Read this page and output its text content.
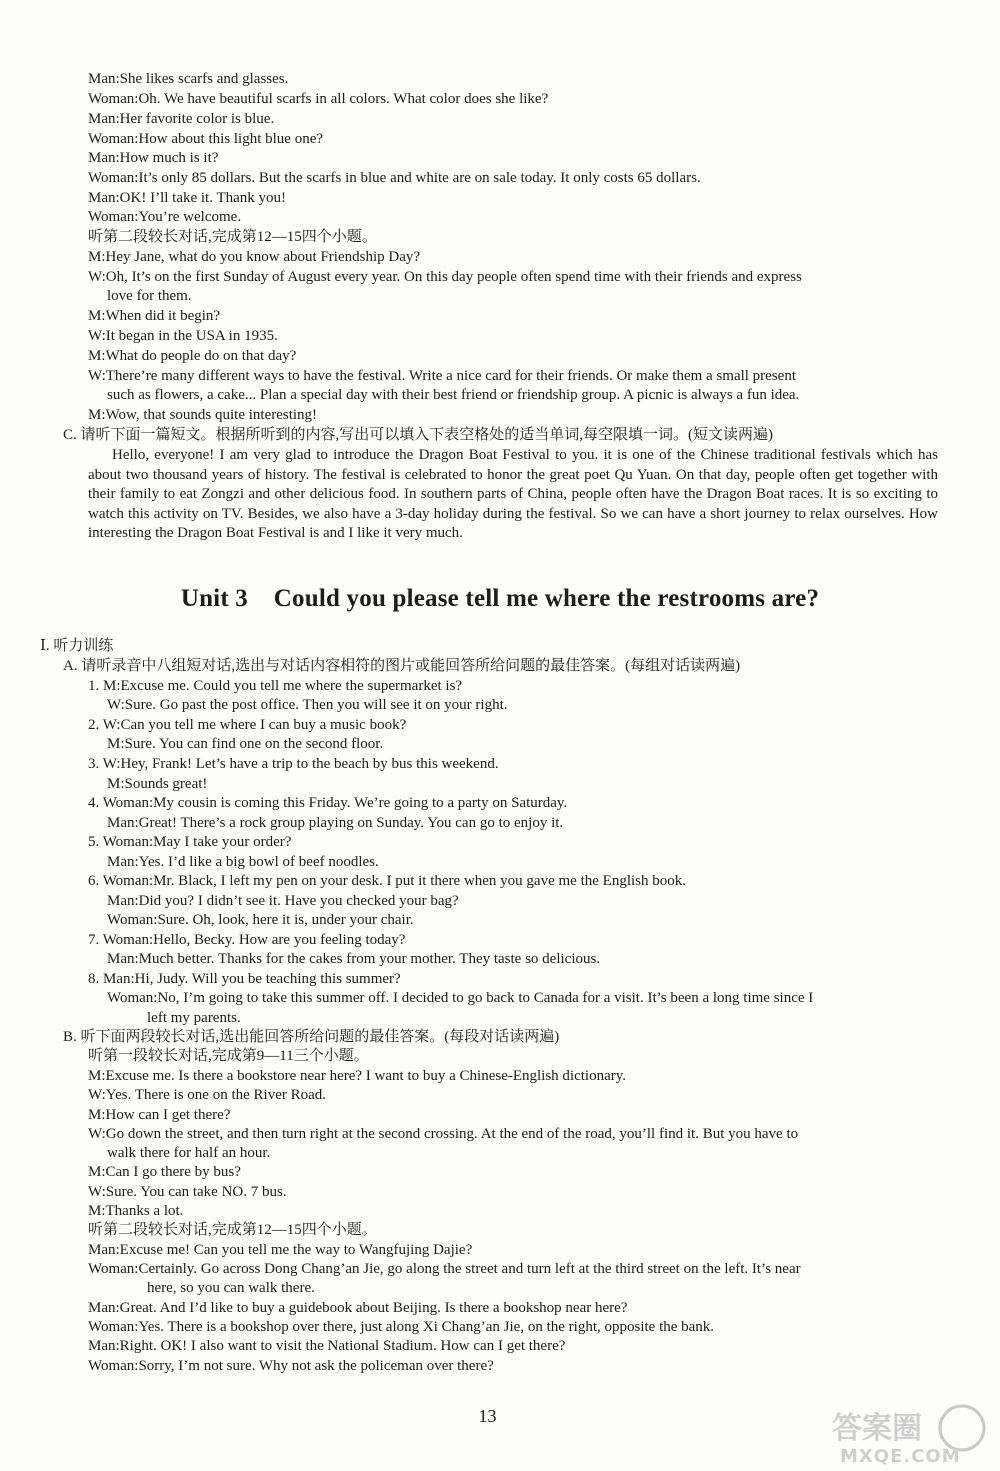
Man:She likes scarfs and glasses.
Woman:Oh. We have beautiful scarfs in all colors. What color does she like?
Man:Her favorite color is blue.
Woman:How about this light blue one?
Man:How much is it?
Woman:It’s only 85 dollars. But the scarfs in blue and white are on sale today. It only costs 65 dollars.
Man:OK! I’ll take it. Thank you!
Woman:You’re welcome.
听第二段较长对话,完成第12—15四个小题。
M:Hey Jane, what do you know about Friendship Day?
W:Oh, It’s on the first Sunday of August every year. On this day people often spend time with their friends and express
love for them.
M:When did it begin?
W:It began in the USA in 1935.
M:What do people do on that day?
W:There’re many different ways to have the festival. Write a nice card for their friends. Or make them a small present
such as flowers, a cake... Plan a special day with their best friend or friendship group. A picnic is always a fun idea.
M:Wow, that sounds quite interesting!
C. 请听下面一篇短文。根据所听到的内容,写出可以填入下表空格处的适当单词,每空限填一词。(短文读两遍)
Hello, everyone! I am very glad to introduce the Dragon Boat Festival to you. it is one of the Chinese traditional festivals which has about two thousand years of history. The festival is celebrated to honor the great poet Qu Yuan. On that day, people often get together with their family to eat Zongzi and other delicious food. In southern parts of China, people often have the Dragon Boat races. It is so exciting to watch this activity on TV. Besides, we also have a 3-day holiday during the festival. So we can have a short journey to relax ourselves. How interesting the Dragon Boat Festival is and I like it very much.
Unit 3    Could you please tell me where the restrooms are?
Ⅰ. 听力训练
A. 请听录音中八组短对话,选出与对话内容相符的图片或能回答所给问题的最佳答案。(每组对话读两遍)
1. M:Excuse me. Could you tell me where the supermarket is?
W:Sure. Go past the post office. Then you will see it on your right.
2. W:Can you tell me where I can buy a music book?
M:Sure. You can find one on the second floor.
3. W:Hey, Frank! Let’s have a trip to the beach by bus this weekend.
M:Sounds great!
4. Woman:My cousin is coming this Friday. We’re going to a party on Saturday.
Man:Great! There’s a rock group playing on Sunday. You can go to enjoy it.
5. Woman:May I take your order?
Man:Yes. I’d like a big bowl of beef noodles.
6. Woman:Mr. Black, I left my pen on your desk. I put it there when you gave me the English book.
Man:Did you? I didn’t see it. Have you checked your bag?
Woman:Sure. Oh, look, here it is, under your chair.
7. Woman:Hello, Becky. How are you feeling today?
Man:Much better. Thanks for the cakes from your mother. They taste so delicious.
8. Man:Hi, Judy. Will you be teaching this summer?
Woman:No, I’m going to take this summer off. I decided to go back to Canada for a visit. It’s been a long time since I
left my parents.
B. 听下面两段较长对话,选出能回答所给问题的最佳答案。(每段对话读两遍)
听第一段较长对话,完成第9—11三个小题。
M:Excuse me. Is there a bookstore near here? I want to buy a Chinese-English dictionary.
W:Yes. There is one on the River Road.
M:How can I get there?
W:Go down the street, and then turn right at the second crossing. At the end of the road, you’ll find it. But you have to
walk there for half an hour.
M:Can I go there by bus?
W:Sure. You can take NO. 7 bus.
M:Thanks a lot.
听第二段较长对话,完成第12—15四个小题。
Man:Excuse me! Can you tell me the way to Wangfujing Dajie?
Woman:Certainly. Go across Dong Chang’an Jie, go along the street and turn left at the third street on the left. It’s near
here, so you can walk there.
Man:Great. And I’d like to buy a guidebook about Beijing. Is there a bookshop near here?
Woman:Yes. There is a bookshop over there, just along Xi Chang’an Jie, on the right, opposite the bank.
Man:Right. OK! I also want to visit the National Stadium. How can I get there?
Woman:Sorry, I’m not sure. Why not ask the policeman over there?
13	答案圈
MXQE.COM
